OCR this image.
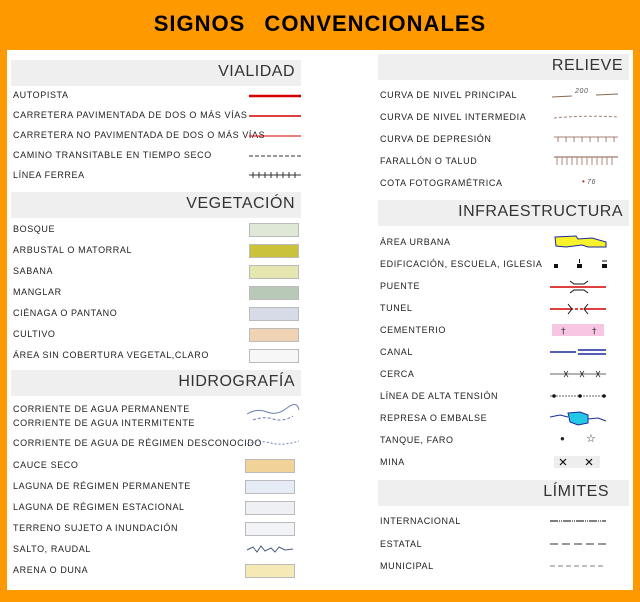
SIGNOS CONVENCIONALES
VIALIDAD
AUTOPISTA
CARRETERA PAVIMENTADA DE DOS O MÁS VÍAS
CARRETERA NO PAVIMENTADA DE DOS O MÁS VÍAS
CAMINO TRANSITABLE EN TIEMPO SECO
LÍNEA FERREA
VEGETACIÓN
BOSQUE
ARBUSTAL O MATORRAL
SABANA
MANGLAR
CIÉNAGA O PANTANO
CULTIVO
ÁREA SIN COBERTURA VEGETAL,CLARO
HIDROGRAFÍA
CORRIENTE DE AGUA PERMANENTE
CORRIENTE DE AGUA INTERMITENTE
CORRIENTE DE AGUA DE RÉGIMEN DESCONOCIDO
CAUCE SECO
LAGUNA DE RÉGIMEN PERMANENTE
LAGUNA DE RÉGIMEN ESTACIONAL
TERRENO SUJETO A INUNDACIÓN
SALTO, RAUDAL
ARENA O DUNA
RELIEVE
CURVA DE NIVEL PRINCIPAL	200
CURVA DE NIVEL INTERMEDIA
CURVA DE DEPRESIÓN
FARALLÓN O TALUD
COTA FOTOGRAMÉTRICA	• 76
INFRAESTRUCTURA
ÁREA URBANA
EDIFICACIÓN, ESCUELA, IGLESIA
PUENTE
TUNEL
CEMENTERIO	†	†
CANAL
CERCA
LÍNEA DE ALTA TENSIÓN
REPRESA O EMBALSE
TANQUE, FARO	● ☆
MINA
LÍMITES
INTERNACIONAL
ESTATAL
MUNICIPAL
